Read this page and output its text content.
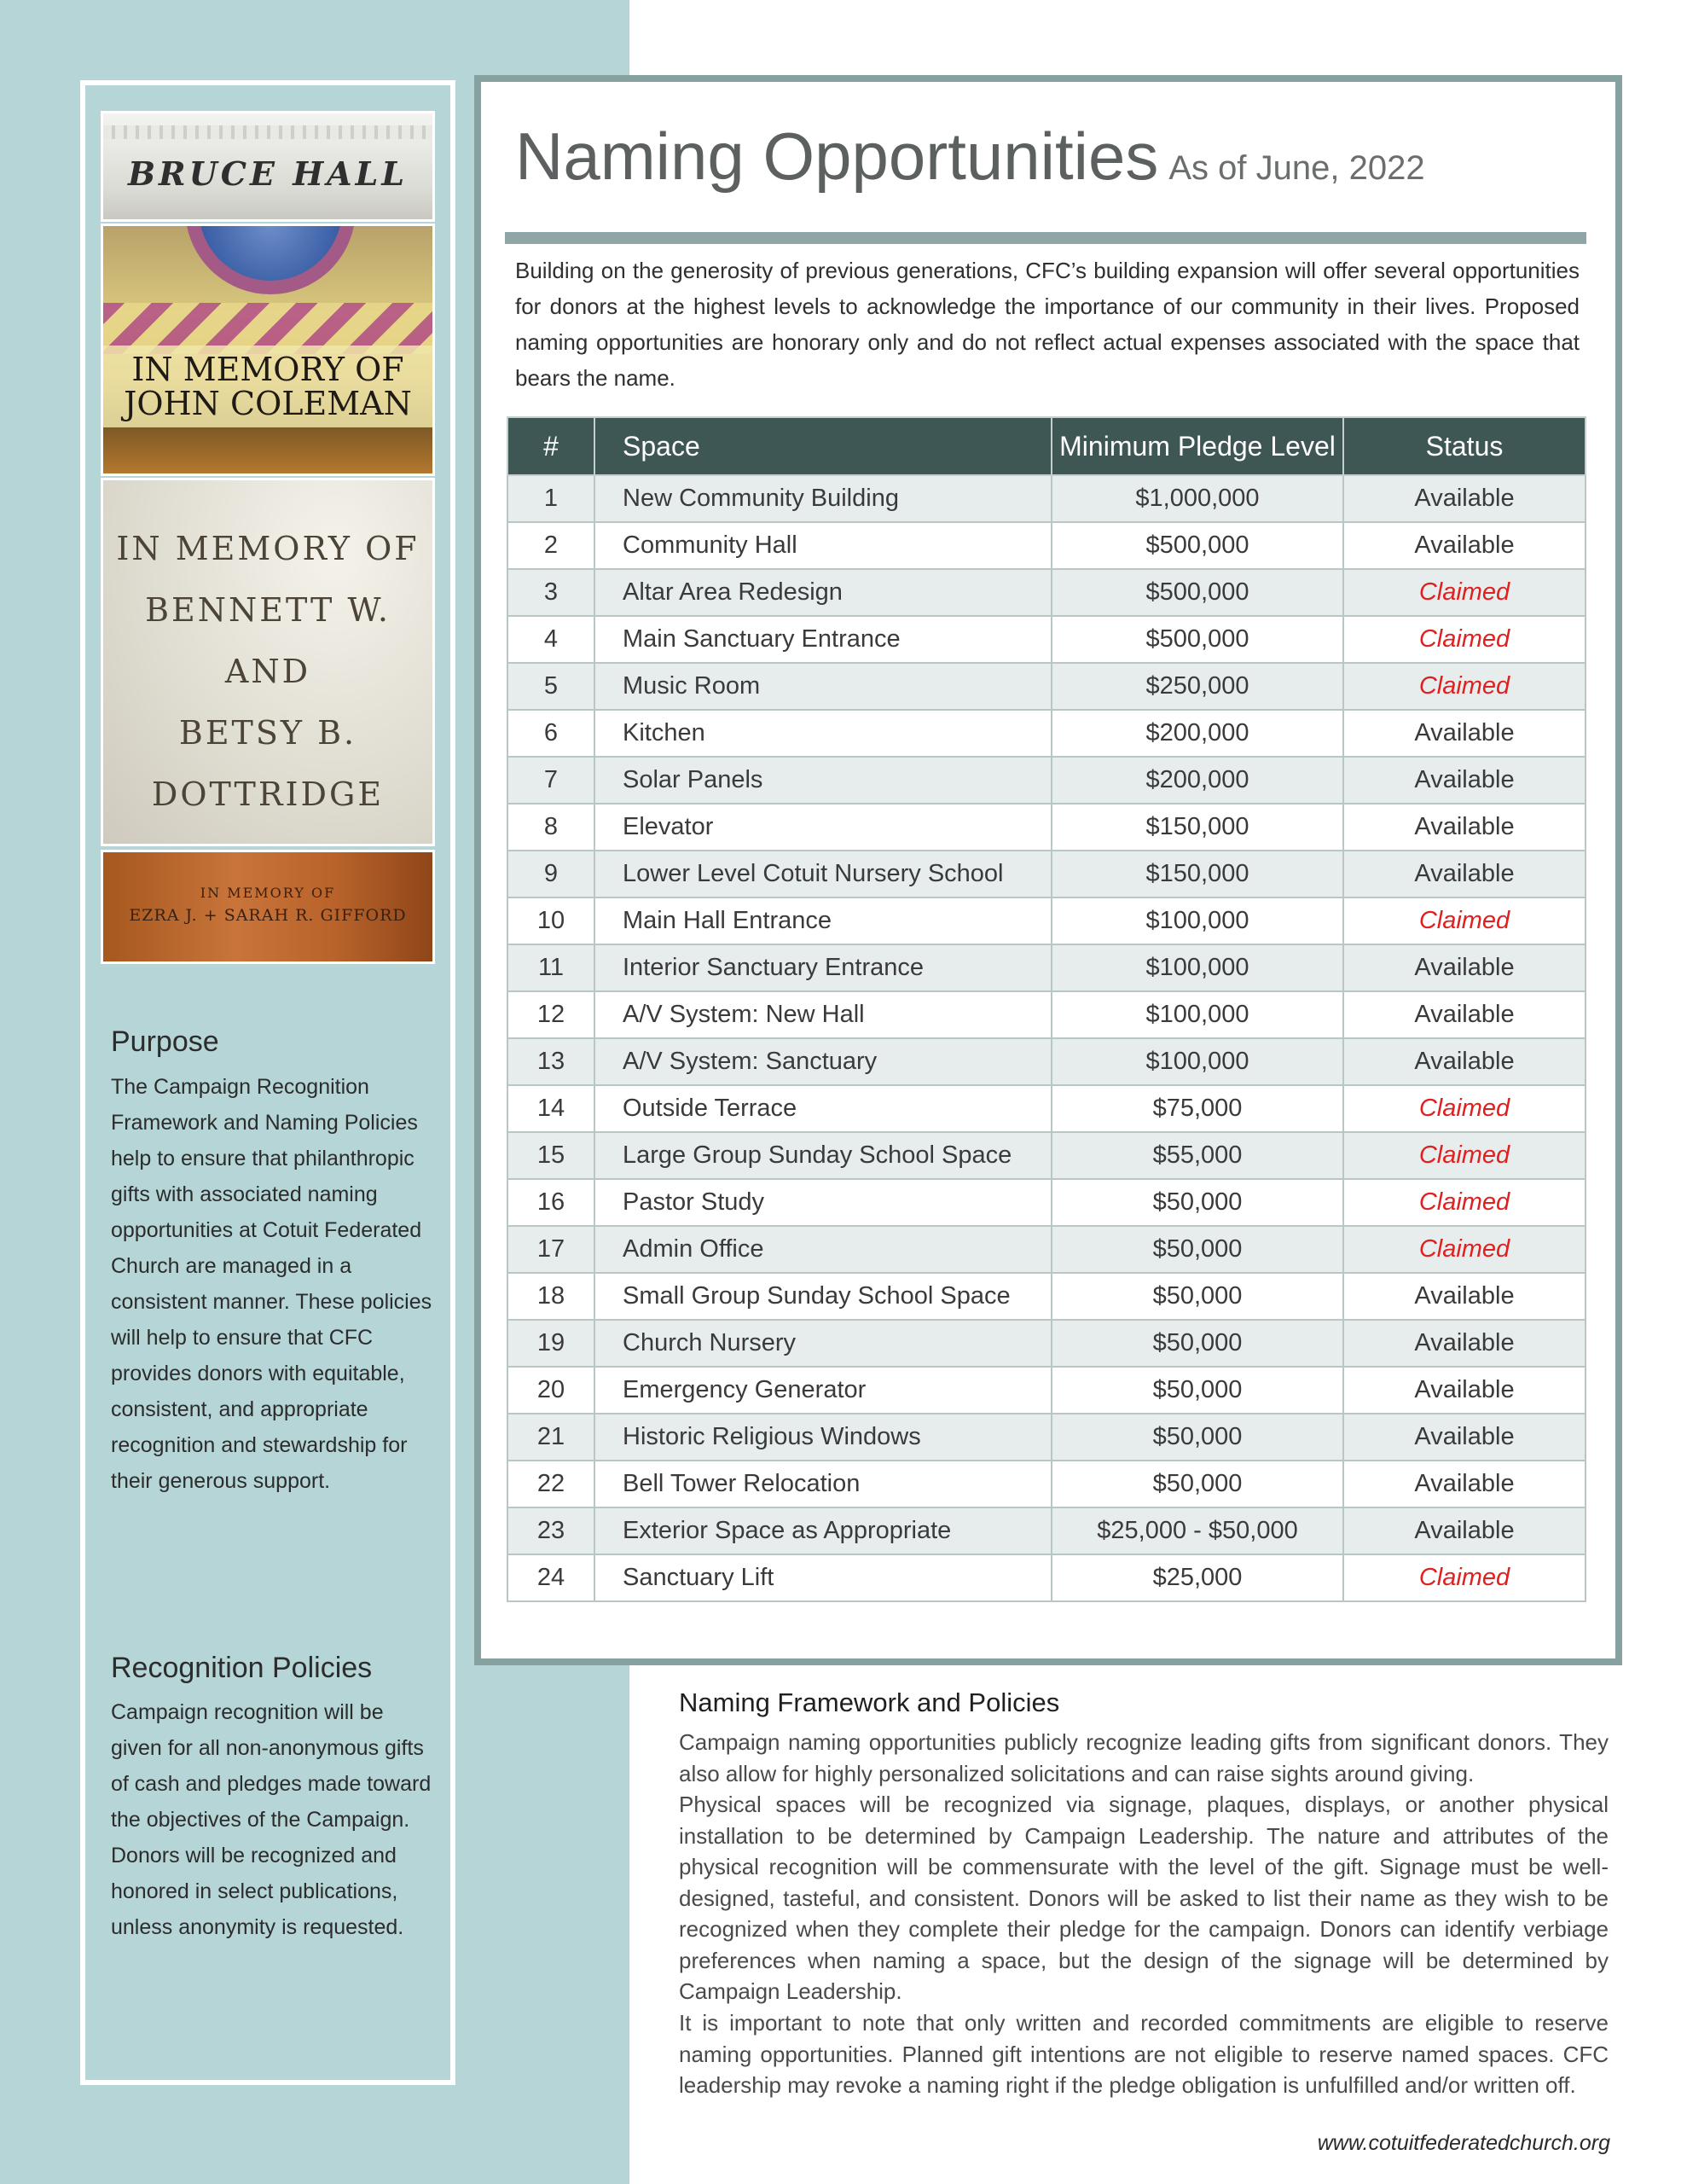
BRUCE HALL
IN MEMORY OF
JOHN COLEMAN
IN MEMORY OF
BENNETT W.
AND
BETSY B.
DOTTRIDGE
IN MEMORY OF
EZRA J. + SARAH R. GIFFORD
Purpose
The Campaign Recognition Framework and Naming Policies help to ensure that philanthropic gifts with associated naming opportunities at Cotuit Federated Church are managed in a consistent manner. These policies will help to ensure that CFC provides donors with equitable, consistent, and appropriate recognition and stewardship for their generous support.
Recognition Policies
Campaign recognition will be given for all non-anonymous gifts of cash and pledges made toward the objectives of the Campaign. Donors will be recognized and honored in select publications, unless anonymity is requested.
Naming Opportunities As of June, 2022
Building on the generosity of previous generations, CFC’s building expansion will offer several opportunities for donors at the highest levels to acknowledge the importance of our community in their lives. Proposed naming opportunities are honorary only and do not reflect actual expenses associated with the space that bears the name.
#	Space	Minimum Pledge Level	Status
1	New Community Building	$1,000,000	Available
2	Community Hall	$500,000	Available
3	Altar Area Redesign	$500,000	Claimed
4	Main Sanctuary Entrance	$500,000	Claimed
5	Music Room	$250,000	Claimed
6	Kitchen	$200,000	Available
7	Solar Panels	$200,000	Available
8	Elevator	$150,000	Available
9	Lower Level Cotuit Nursery School	$150,000	Available
10	Main Hall Entrance	$100,000	Claimed
11	Interior Sanctuary Entrance	$100,000	Available
12	A/V System: New Hall	$100,000	Available
13	A/V System: Sanctuary	$100,000	Available
14	Outside Terrace	$75,000	Claimed
15	Large Group Sunday School Space	$55,000	Claimed
16	Pastor Study	$50,000	Claimed
17	Admin Office	$50,000	Claimed
18	Small Group Sunday School Space	$50,000	Available
19	Church Nursery	$50,000	Available
20	Emergency Generator	$50,000	Available
21	Historic Religious Windows	$50,000	Available
22	Bell Tower Relocation	$50,000	Available
23	Exterior Space as Appropriate	$25,000 - $50,000	Available
24	Sanctuary Lift	$25,000	Claimed
Naming Framework and Policies
Campaign naming opportunities publicly recognize leading gifts from significant donors. They also allow for highly personalized solicitations and can raise sights around giving.
Physical spaces will be recognized via signage, plaques, displays, or another physical installation to be determined by Campaign Leadership. The nature and attributes of the physical recognition will be commensurate with the level of the gift. Signage must be well-designed, tasteful, and consistent. Donors will be asked to list their name as they wish to be recognized when they complete their pledge for the campaign. Donors can identify verbiage preferences when naming a space, but the design of the signage will be determined by Campaign Leadership.
It is important to note that only written and recorded commitments are eligible to reserve naming opportunities. Planned gift intentions are not eligible to reserve named spaces. CFC leadership may revoke a naming right if the pledge obligation is unfulfilled and/or written off.
www.cotuitfederatedchurch.org
